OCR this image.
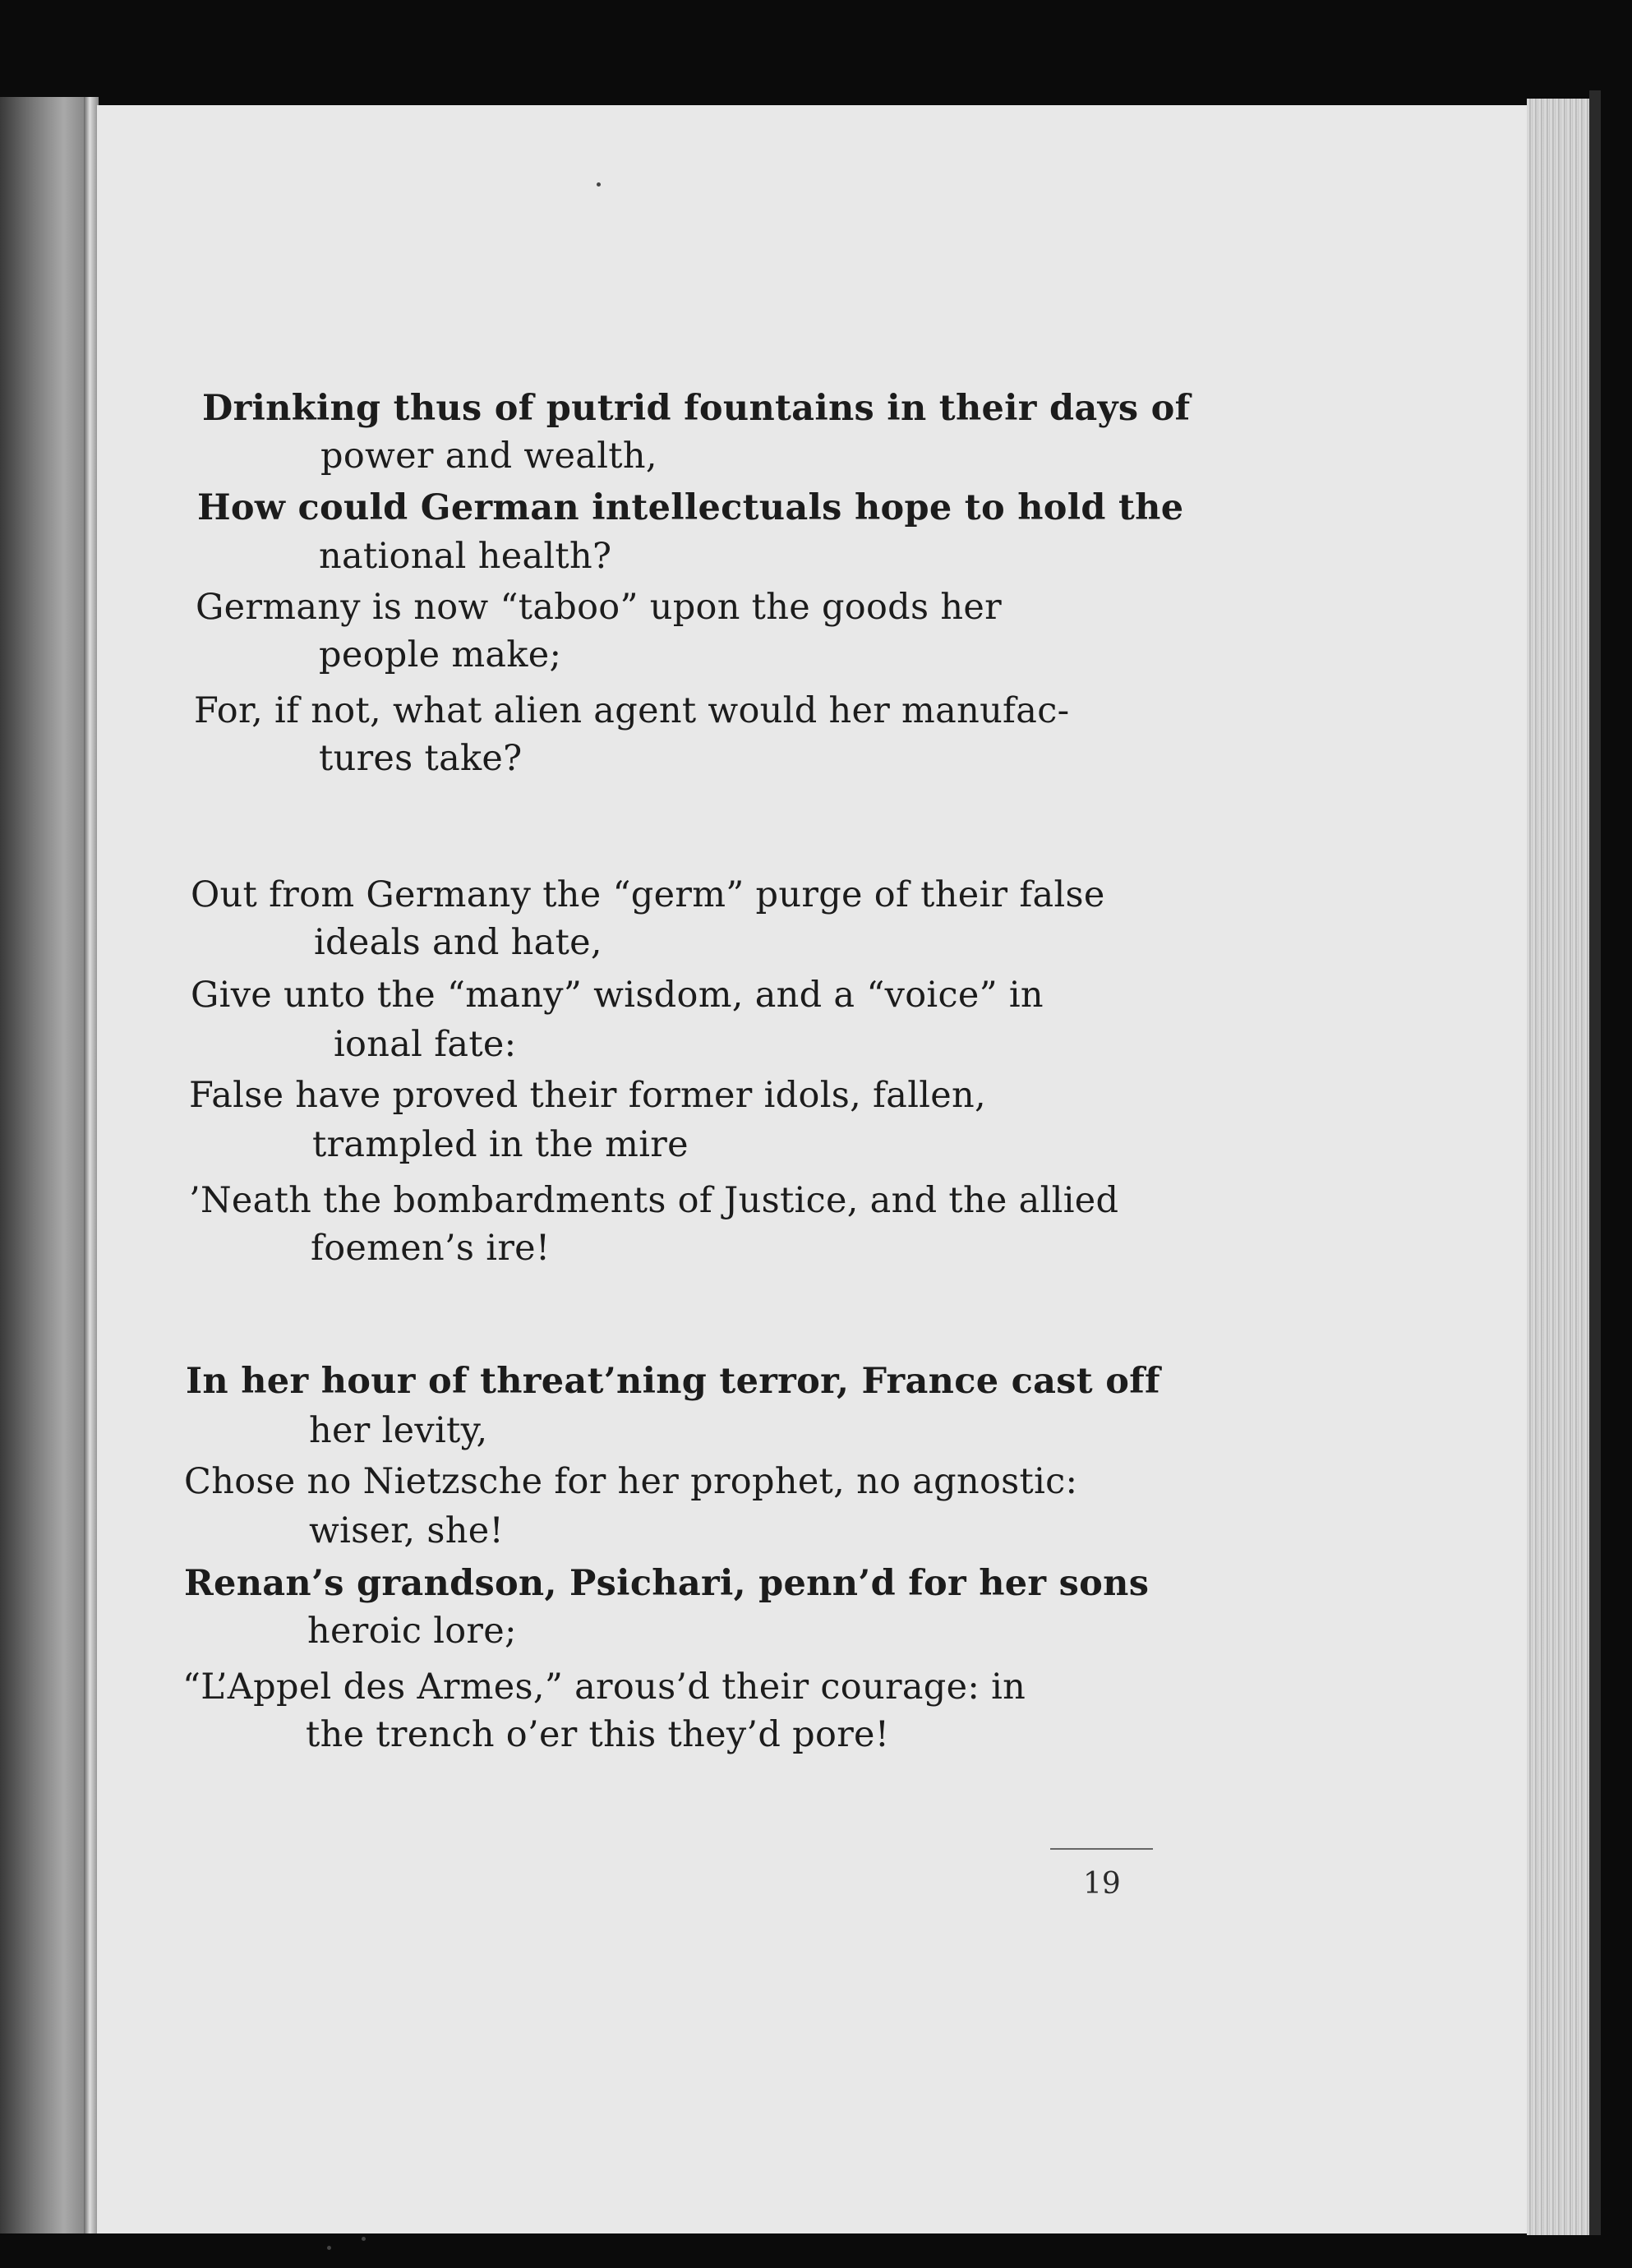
Drinking thus of putrid fountains in their days of
power and wealth,
How could German intellectuals hope to hold the
national health?
Germany is now “taboo” upon the goods her
people make;
For, if not, what alien agent would her manufac-
tures take?
Out from Germany the “germ” purge of their false
ideals and hate,
Give unto the “many” wisdom, and a “voice” in
ional fate:
False have proved their former idols, fallen,
trampled in the mire
’Neath the bombardments of Justice, and the allied
foemen’s ire!
In her hour of threat’ning terror, France cast off
her levity,
Chose no Nietzsche for her prophet, no agnostic:
wiser, she!
Renan’s grandson, Psichari, penn’d for her sons
heroic lore;
“L’Appel des Armes,” arous’d their courage: in
the trench o’er this they’d pore!
19
